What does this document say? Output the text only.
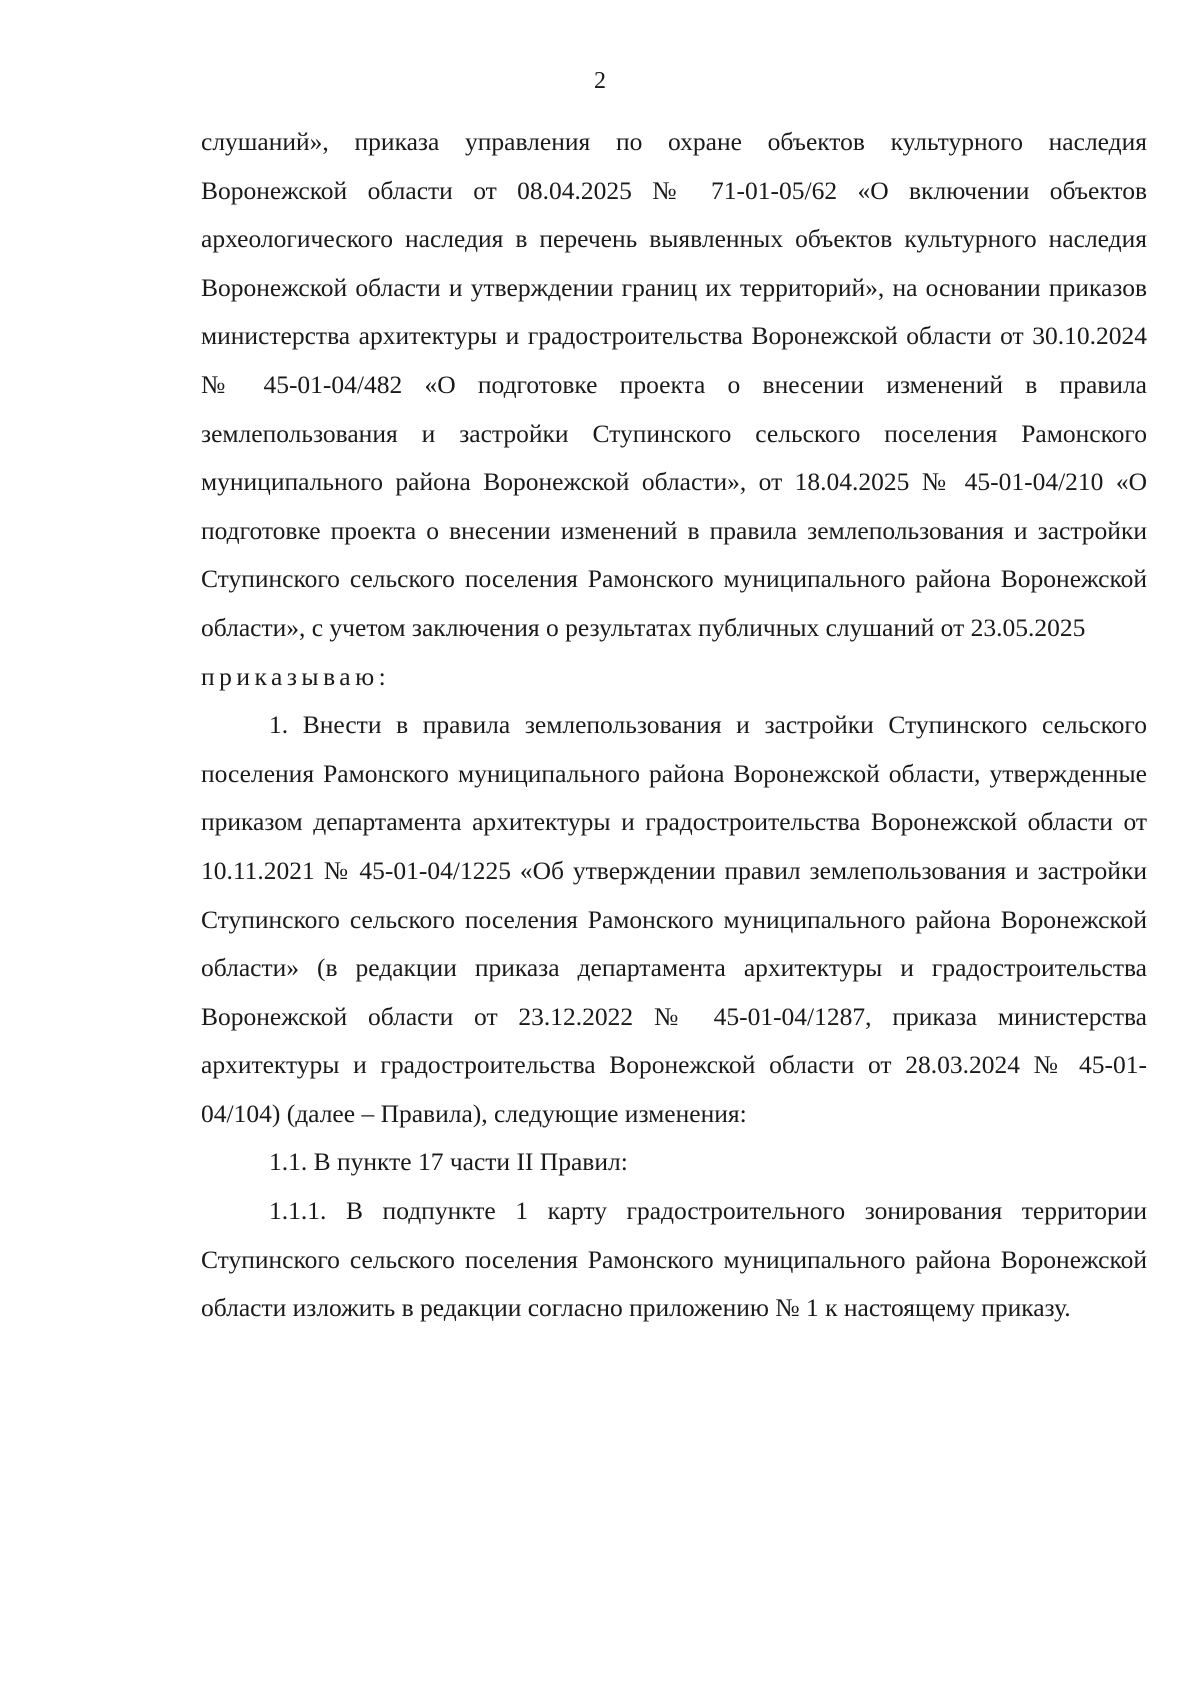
2

слушаний», приказа управления по охране объектов культурного наследия Воронежской области от 08.04.2025 № 71-01-05/62 «О включении объектов археологического наследия в перечень выявленных объектов культурного наследия Воронежской области и утверждении границ их территорий», на основании приказов министерства архитектуры и градостроительства Воронежской области от 30.10.2024 № 45-01-04/482 «О подготовке проекта о внесении изменений в правила землепользования и застройки Ступинского сельского поселения Рамонского муниципального района Воронежской области», от 18.04.2025 № 45-01-04/210 «О подготовке проекта о внесении изменений в правила землепользования и застройки Ступинского сельского поселения Рамонского муниципального района Воронежской области», с учетом заключения о результатах публичных слушаний от 23.05.2025

приказываю:

1. Внести в правила землепользования и застройки Ступинского сельского поселения Рамонского муниципального района Воронежской области, утвержденные приказом департамента архитектуры и градостроительства Воронежской области от 10.11.2021 № 45-01-04/1225 «Об утверждении правил землепользования и застройки Ступинского сельского поселения Рамонского муниципального района Воронежской области» (в редакции приказа департамента архитектуры и градостроительства Воронежской области от 23.12.2022 № 45-01-04/1287, приказа министерства архитектуры и градостроительства Воронежской области от 28.03.2024 № 45-01-04/104) (далее – Правила), следующие изменения:

1.1. В пункте 17 части II Правил:

1.1.1. В подпункте 1 карту градостроительного зонирования территории Ступинского сельского поселения Рамонского муниципального района Воронежской области изложить в редакции согласно приложению № 1 к настоящему приказу.
